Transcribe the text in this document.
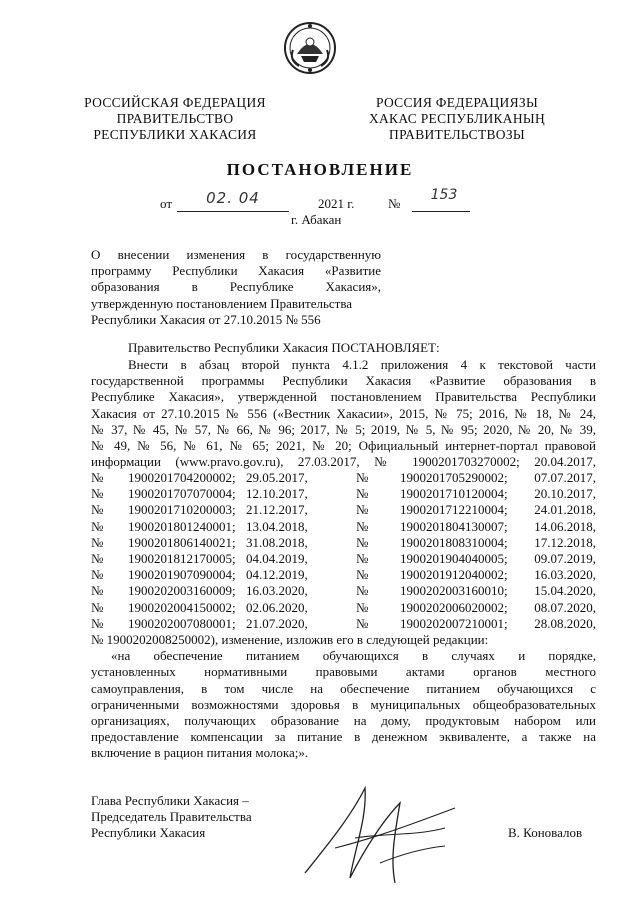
РОССИЙСКАЯ ФЕДЕРАЦИЯ
ПРАВИТЕЛЬСТВО
РЕСПУБЛИКИ ХАКАСИЯ
РОССИЯ ФЕДЕРАЦИЯЗЫ
ХАКАС РЕСПУБЛИКАНЫҢ
ПРАВИТЕЛЬСТВОЗЫ
ПОСТАНОВЛЕНИЕ
от	02. 04	2021 г.	№
153
г. Абакан

О внесении изменения в государственную

программу Республики Хакасия «Развитие

образования в Республике Хакасия»,

утвержденную постановлением Правительства

Республики Хакасия от 27.10.2015 № 556

Правительство Республики Хакасия ПОСТАНОВЛЯЕТ:

Внести в абзац второй пункта 4.1.2 приложения 4 к текстовой части

государственной программы Республики Хакасия «Развитие образования в

Республике Хакасия», утвержденной постановлением Правительства Республики

Хакасия от 27.10.2015 № 556 («Вестник Хакасии», 2015, № 75; 2016, № 18, № 24,

№ 37, № 45, № 57, № 66, № 96; 2017, № 5; 2019, № 5, № 95; 2020, № 20, № 39,

№ 49, № 56, № 61, № 65; 2021, № 20; Официальный интернет-портал правовой

информации (www.pravo.gov.ru), 27.03.2017, № 1900201703270002; 20.04.2017,

№	1900201704200002;	29.05.2017,	№	1900201705290002;	07.07.2017,
№	1900201707070004;	12.10.2017,	№	1900201710120004;	20.10.2017,
№	1900201710200003;	21.12.2017,	№	1900201712210004;	24.01.2018,
№	1900201801240001;	13.04.2018,	№	1900201804130007;	14.06.2018,
№	1900201806140021;	31.08.2018,	№	1900201808310004;	17.12.2018,
№	1900201812170005;	04.04.2019,	№	1900201904040005;	09.07.2019,
№	1900201907090004;	04.12.2019,	№	1900201912040002;	16.03.2020,
№	1900202003160009;	16.03.2020,	№	1900202003160010;	15.04.2020,
№	1900202004150002;	02.06.2020,	№	1900202006020002;	08.07.2020,
№	1900202007080001;	21.07.2020,	№	1900202007210001;	28.08.2020,

№ 1900202008250002), изменение, изложив его в следующей редакции:

«на обеспечение питанием обучающихся в случаях и порядке,

установленных нормативными правовыми актами органов местного

самоуправления, в том числе на обеспечение питанием обучающихся с

ограниченными возможностями здоровья в муниципальных общеобразовательных

организациях, получающих образование на дому, продуктовым набором или

предоставление компенсации за питание в денежном эквиваленте, а также на

включение в рацион питания молока;».

Глава Республики Хакасия –
Председатель Правительства
Республики Хакасия	В. Коновалов
